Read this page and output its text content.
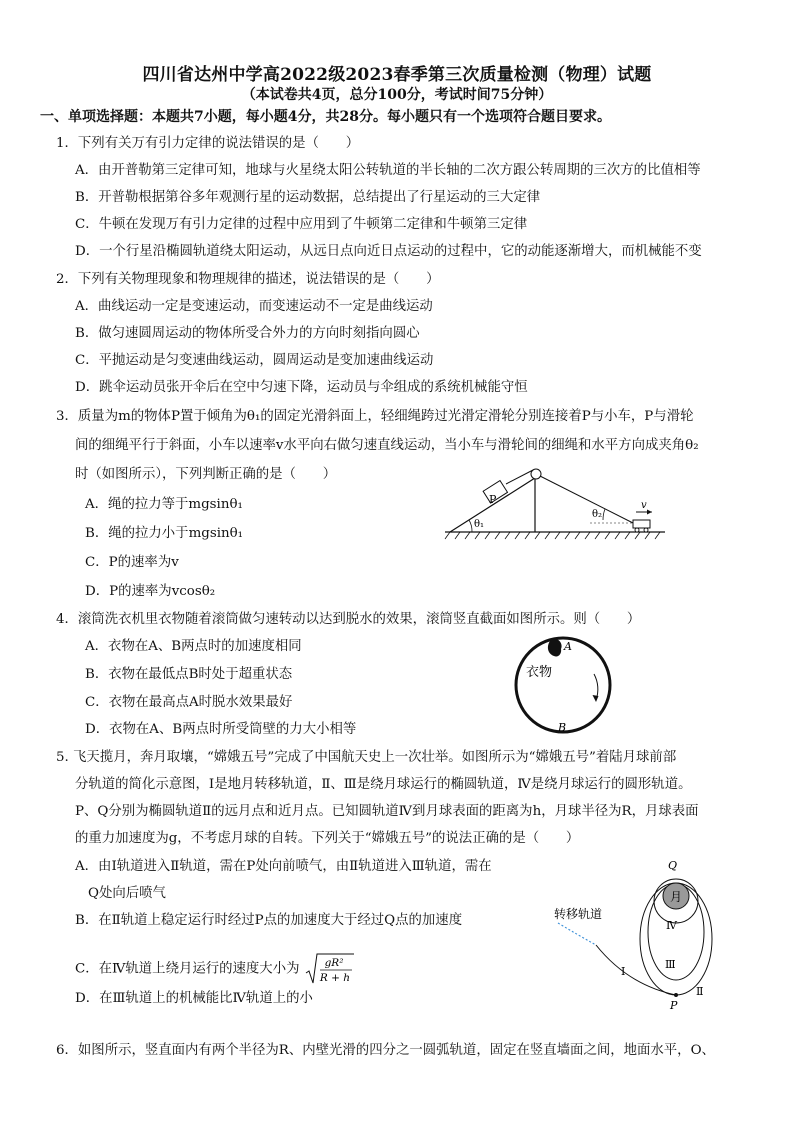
四川省达州中学高2022级2023春季第三次质量检测（物理）试题
（本试卷共4页，总分100分，考试时间75分钟）
一、单项选择题：本题共7小题，每小题4分，共28分。每小题只有一个选项符合题目要求。
1．下列有关万有引力定律的说法错误的是（　　）
A．由开普勒第三定律可知，地球与火星绕太阳公转轨道的半长轴的二次方跟公转周期的三次方的比值相等
B．开普勒根据第谷多年观测行星的运动数据，总结提出了行星运动的三大定律
C．牛顿在发现万有引力定律的过程中应用到了牛顿第二定律和牛顿第三定律
D．一个行星沿椭圆轨道绕太阳运动，从远日点向近日点运动的过程中，它的动能逐渐增大，而机械能不变
2．下列有关物理现象和物理规律的描述，说法错误的是（　　）
A．曲线运动一定是变速运动，而变速运动不一定是曲线运动
B．做匀速圆周运动的物体所受合外力的方向时刻指向圆心
C．平抛运动是匀变速曲线运动，圆周运动是变加速曲线运动
D．跳伞运动员张开伞后在空中匀速下降，运动员与伞组成的系统机械能守恒
3．质量为m的物体P置于倾角为θ₁的固定光滑斜面上，轻细绳跨过光滑定滑轮分别连接着P与小车，P与滑轮
间的细绳平行于斜面，小车以速率v水平向右做匀速直线运动，当小车与滑轮间的细绳和水平方向成夹角θ₂
时（如图所示），下列判断正确的是（　　）
A．绳的拉力等于mgsinθ₁
B．绳的拉力小于mgsinθ₁
C．P的速率为v
D．P的速率为vcosθ₂
P
θ₁
θ₂
v
4．滚筒洗衣机里衣物随着滚筒做匀速转动以达到脱水的效果，滚筒竖直截面如图所示。则（　　）
A．衣物在A、B两点时的加速度相同
B．衣物在最低点B时处于超重状态
C．衣物在最高点A时脱水效果最好
D．衣物在A、B两点时所受筒壁的力大小相等
A
衣物
B
5. 飞天揽月，奔月取壤，“嫦娥五号”完成了中国航天史上一次壮举。如图所示为“嫦娥五号”着陆月球前部
分轨道的简化示意图，Ⅰ是地月转移轨道，Ⅱ、Ⅲ是绕月球运行的椭圆轨道，Ⅳ是绕月球运行的圆形轨道。
P、Q分别为椭圆轨道Ⅱ的远月点和近月点。已知圆轨道Ⅳ到月球表面的距离为h，月球半径为R，月球表面
的重力加速度为g，不考虑月球的自转。下列关于“嫦娥五号”的说法正确的是（　　）
A．由Ⅰ轨道进入Ⅱ轨道，需在P处向前喷气，由Ⅱ轨道进入Ⅲ轨道，需在
Q处向后喷气
B．在Ⅱ轨道上稳定运行时经过P点的加速度大于经过Q点的加速度
C．在Ⅳ轨道上绕月运行的速度大小为 gR²
R + h
D．在Ⅲ轨道上的机械能比Ⅳ轨道上的小
Q
月
Ⅳ
Ⅲ
转移轨道
Ⅰ
P
Ⅱ
6．如图所示，竖直面内有两个半径为R、内壁光滑的四分之一圆弧轨道，固定在竖直墙面之间，地面水平，O、
